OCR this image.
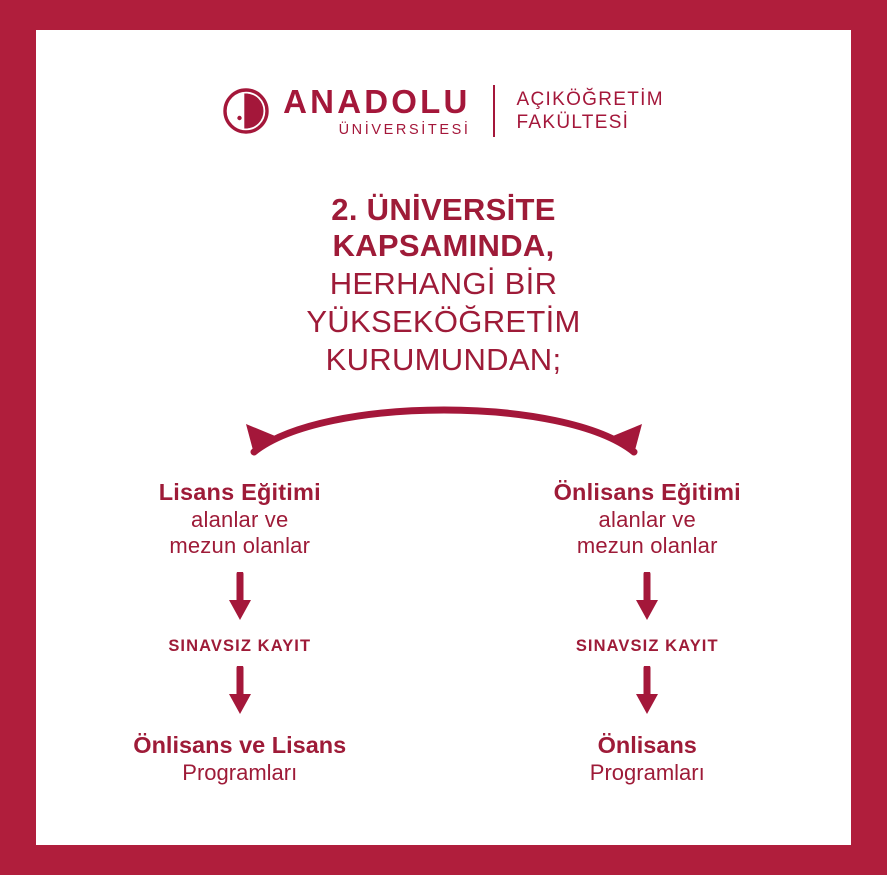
ANADOLU
ÜNİVERSİTESİ
AÇIKÖĞRETİM
FAKÜLTESİ
2. ÜNİVERSİTE
KAPSAMINDA,
HERHANGİ BİR
YÜKSEKÖĞRETİM
KURUMUNDAN;
Lisans Eğitimi
alanlar ve
mezun olanlar
SINAVSIZ KAYIT
Önlisans ve Lisans
Programları
Önlisans Eğitimi
alanlar ve
mezun olanlar
SINAVSIZ KAYIT
Önlisans
Programları
